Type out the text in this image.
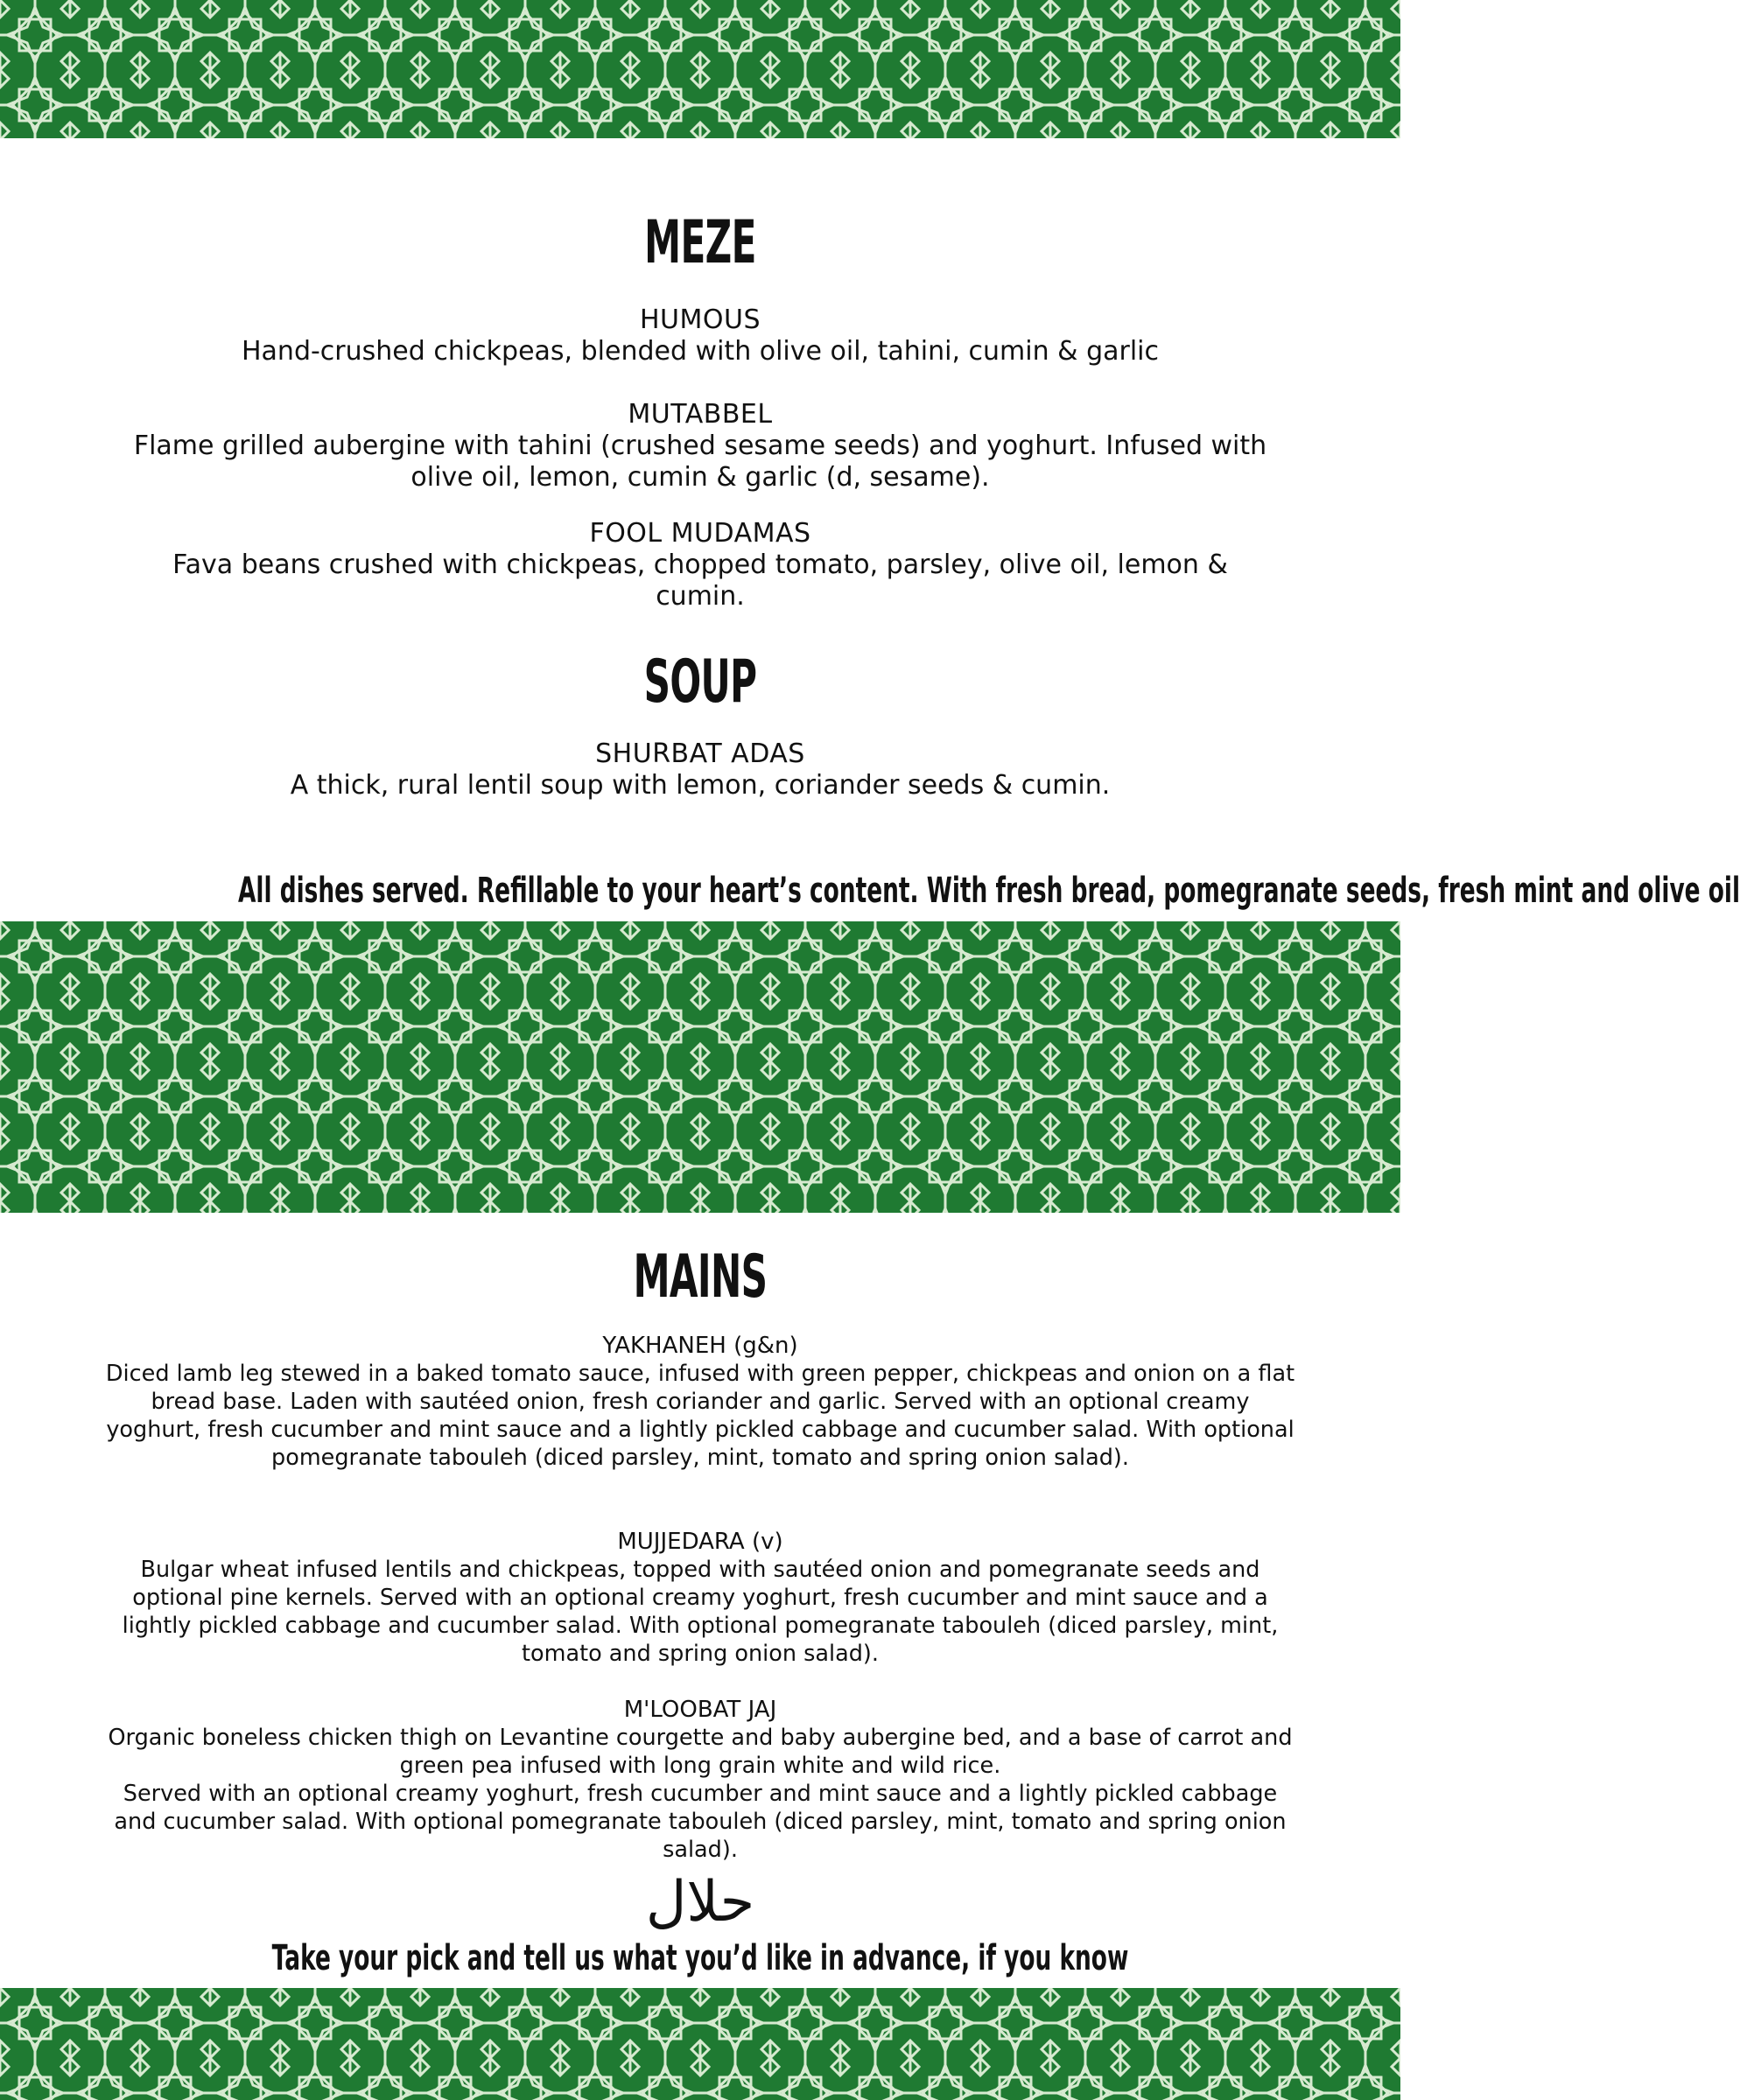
MEZE
HUMOUS
Hand-crushed chickpeas, blended with olive oil, tahini, cumin & garlic
MUTABBEL
Flame grilled aubergine with tahini (crushed sesame seeds) and yoghurt. Infused with olive oil, lemon, cumin & garlic (d, sesame).
FOOL MUDAMAS
Fava beans crushed with chickpeas, chopped tomato, parsley, olive oil, lemon & cumin.
SOUP
SHURBAT ADAS
A thick, rural lentil soup with lemon, coriander seeds & cumin.
All dishes served. Refillable to your heart’s content. With fresh bread, pomegranate seeds, fresh mint and olive oil
MAINS
YAKHANEH (g&n)
Diced lamb leg stewed in a baked tomato sauce, infused with green pepper, chickpeas and onion on a flat bread base. Laden with sautéed onion, fresh coriander and garlic. Served with an optional creamy yoghurt, fresh cucumber and mint sauce and a lightly pickled cabbage and cucumber salad. With optional pomegranate tabouleh (diced parsley, mint, tomato and spring onion salad).
MUJJEDARA (v)
Bulgar wheat infused lentils and chickpeas, topped with sautéed onion and pomegranate seeds and optional pine kernels. Served with an optional creamy yoghurt, fresh cucumber and mint sauce and a lightly pickled cabbage and cucumber salad. With optional pomegranate tabouleh (diced parsley, mint, tomato and spring onion salad).
M'LOOBAT JAJ
Organic boneless chicken thigh on Levantine courgette and baby aubergine bed, and a base of carrot and green pea infused with long grain white and wild rice.
Served with an optional creamy yoghurt, fresh cucumber and mint sauce and a lightly pickled cabbage and cucumber salad. With optional pomegranate tabouleh (diced parsley, mint, tomato and spring onion salad).
حلال
Take your pick and tell us what you’d like in advance, if you know
